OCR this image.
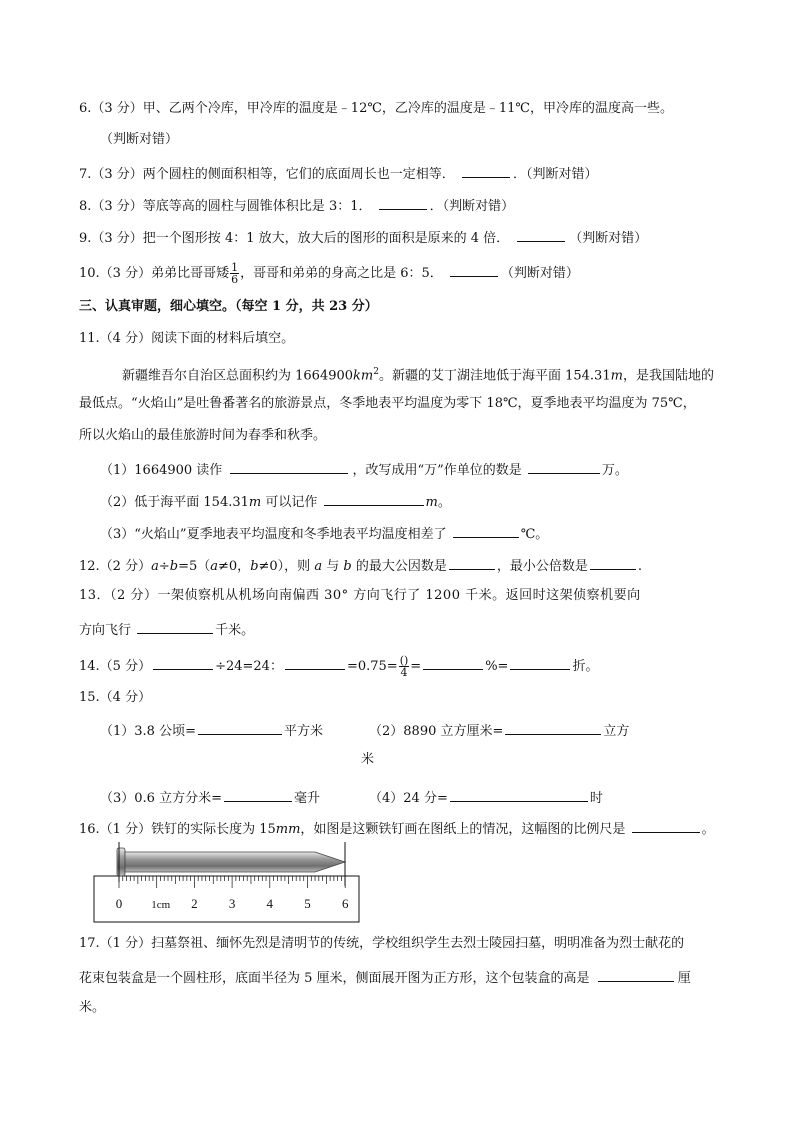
6.（3 分）甲、乙两个冷库，甲冷库的温度是﹣12℃，乙冷库的温度是﹣11℃，甲冷库的温度高一些。
（判断对错）
7.（3 分）两个圆柱的侧面积相等，它们的底面周长也一定相等．	．（判断对错）
8.（3 分）等底等高的圆柱与圆锥体积比是 3：1．	．（判断对错）
9.（3 分）把一个图形按 4：1 放大，放大后的图形的面积是原来的 4 倍．	（判断对错）
10.（3 分）弟弟比哥哥矮 $\frac{1}{6}$ ，哥哥和弟弟的身高之比是 6：5．	（判断对错）
三、认真审题，细心填空。（每空 1 分，共 23 分）
11.（4 分）阅读下面的材料后填空。
新疆维吾尔自治区总面积约为 $1664900km^2$。新疆的艾丁湖洼地低于海平面 154.31m，是我国陆地的
最低点。“火焰山”是吐鲁番著名的旅游景点，冬季地表平均温度为零下 18℃，夏季地表平均温度为 75℃，
所以火焰山的最佳旅游时间为春季和秋季。
（1）1664900 读作	，改写成用“万”作单位的数是	万。
（2）低于海平面 154.31m 可以记作	m。
（3）“火焰山”夏季地表平均温度和冬季地表平均温度相差了	℃。
12.（2 分）a÷b=5（a≠0，b≠0），则 a 与 b 的最大公因数是	，最小公倍数是	.
13．（2 分）一架侦察机从机场向南偏西 30° 方向飞行了 1200 千米。返回时这架侦察机要向
方向飞行	千米。
14.（5 分）	÷24=24：	$=0.75= \frac{()}{4}$ =	%=	折。
15.（4 分）
（1）3.8 公顷=	平方米	（2）8890 立方厘米=	立方
米
（3）0.6 立方分米=	毫升	（4）24 分=	时
16.（1 分）铁钉的实际长度为 15mm，如图是这颗铁钉画在图纸上的情况，这幅图的比例尺是	。
0	1cm 2 3 4 5 6
17.（1 分）扫墓祭祖、缅怀先烈是清明节的传统，学校组织学生去烈士陵园扫墓，明明准备为烈士献花的
花束包装盒是一个圆柱形，底面半径为 5 厘米，侧面展开图为正方形，这个包装盒的高是	厘
米。
